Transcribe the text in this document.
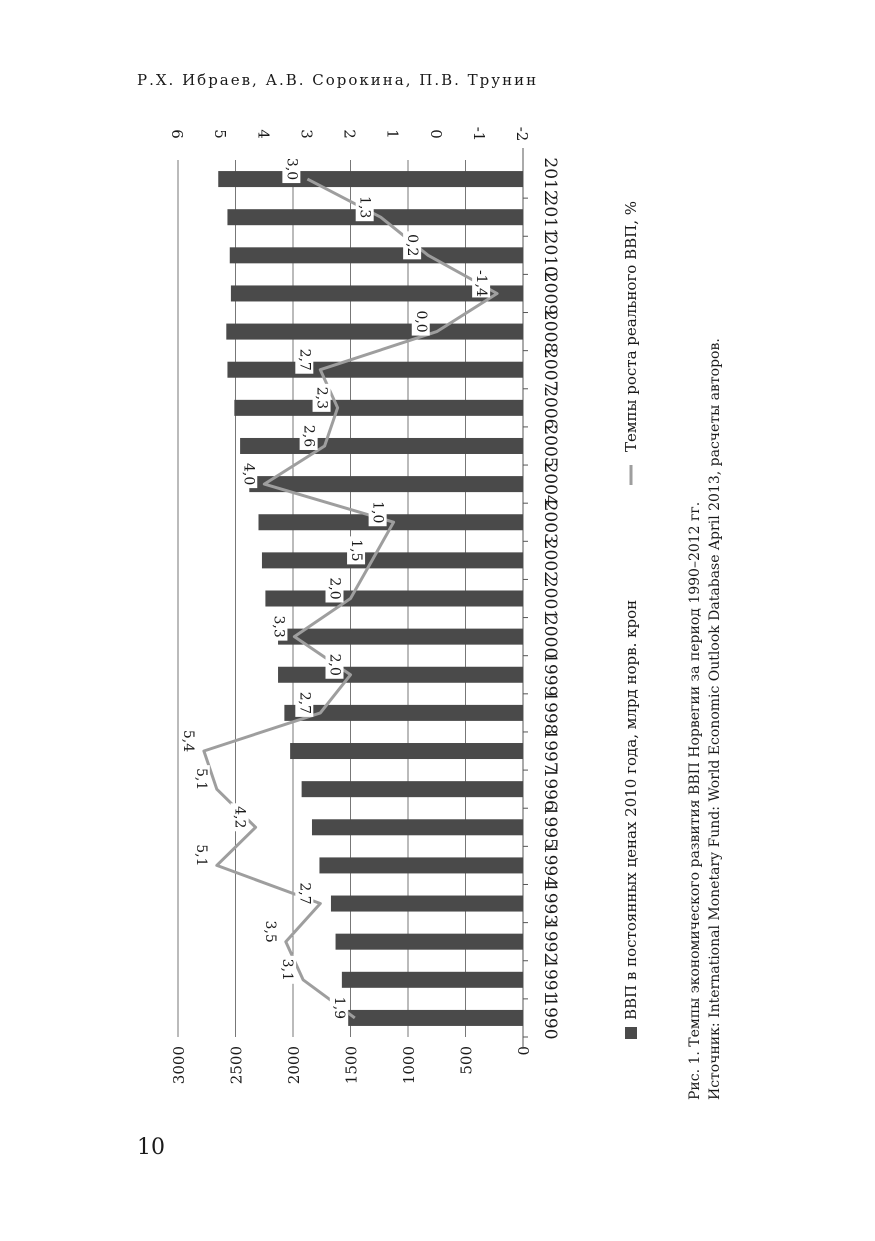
Р.Х. Ибраев, А.В. Сорокина, П.В. Трунин
0
500
1000
1500
2000
2500
3000
-2
-1
0
1
2
3
4
5
6
1990
1991
1992
1993
1994
1995
1996
1997
1998
1999
2000
2001
2002
2003
2004
2005
2006
2007
2008
2009
2010
2011
2012
1,9
3,1
3,5
2,7
5,1
4,2
5,1
5,4
2,7
2,0
3,3
2,0
1,5
1,0
4,0
2,6
2,3
2,7
0,0
-1,4
0,2
1,3
3,0
ВВП в постоянных ценах 2010 года, млрд норв. крон
Темпы роста реального ВВП, %
Рис. 1. Темпы экономического развития ВВП Норвегии за период 1990–2012 гг. Источник: International Monetary Fund: World Economic Outlook Database April 2013, расчеты авторов.
10
